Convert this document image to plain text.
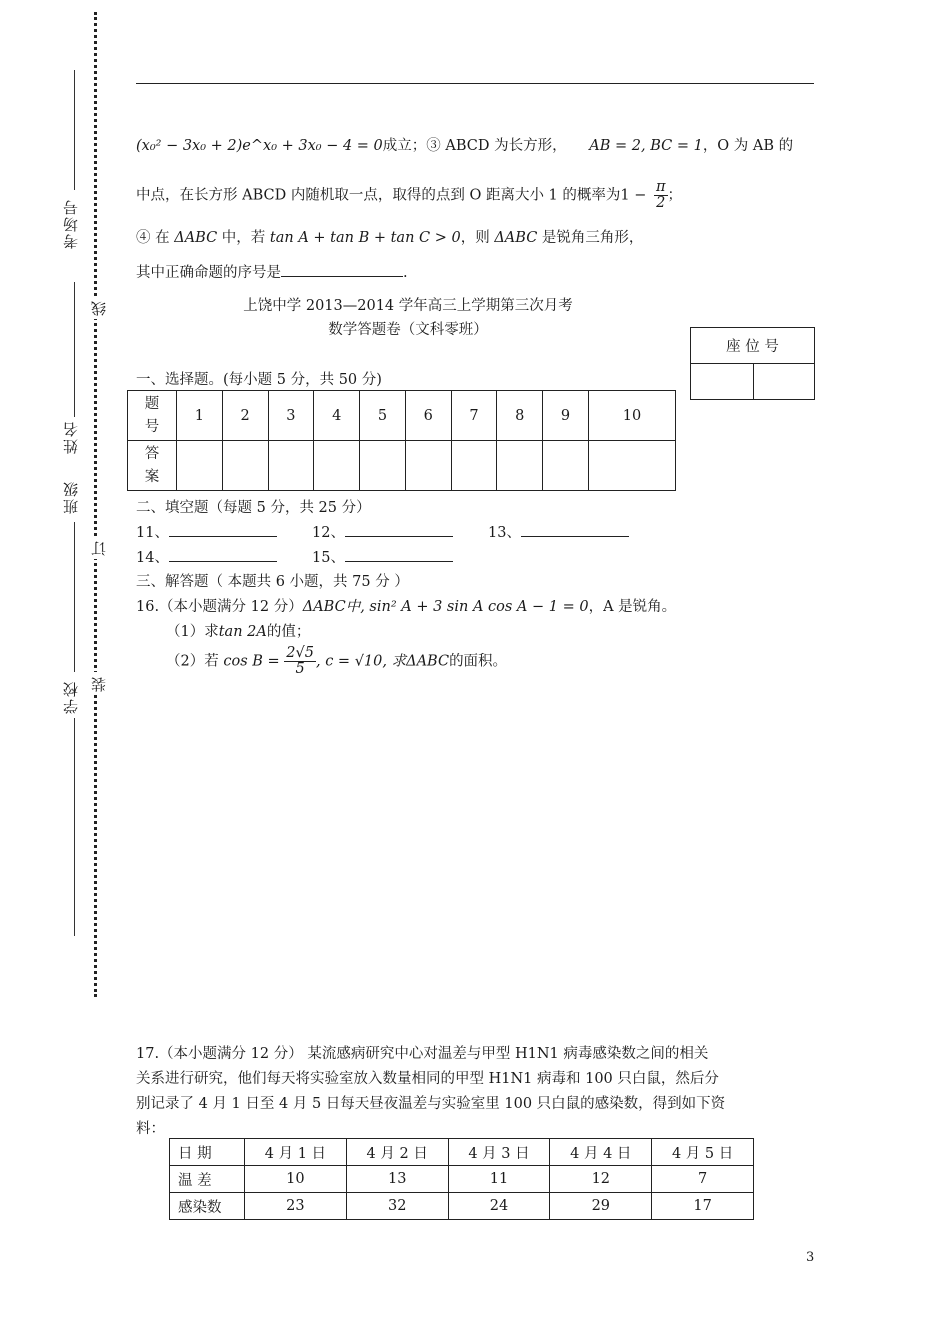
考场号
姓名
班级
学校
线
订
装
(x₀² − 3x₀ + 2)e^x₀ + 3x₀ − 4 = 0成立；③ ABCD 为长方形， AB = 2, BC = 1，O 为 AB 的
中点，在长方形 ABCD 内随机取一点，取得的点到 O 距离大小 1 的概率为$1 - \frac{\pi}{2}$ ；
④ 在 ΔABC 中，若 tan A + tan B + tan C > 0，则 ΔABC 是锐角三角形，
其中正确命题的序号是	.
上饶中学 2013—2014 学年高三上学期第三次月考
数学答题卷（文科零班）
座 位 号

一、选择题。(每小题 5 分，共 50 分)
题
号	1	2	3	4	5	6	7	8	9	10

答
案										

二、填空题（每题 5 分，共 25 分）
11、	12、	13、
14、	15、
三、解答题（ 本题共 6 小题，共 75 分 ）
16.（本小题满分 12 分）ΔABC中, sin² A + 3 sin A cos A − 1 = 0，A 是锐角。
（1）求tan 2A的值；
（2）若 $\cos B = \frac{2√5}{5}$ , c = √10, 求ΔABC的面积。
17.（本小题满分 12 分） 某流感病研究中心对温差与甲型 H1N1 病毒感染数之间的相关
关系进行研究，他们每天将实验室放入数量相同的甲型 H1N1 病毒和 100 只白鼠，然后分
别记录了 4 月 1 日至 4 月 5 日每天昼夜温差与实验室里 100 只白鼠的感染数，得到如下资
料：
日 期	4 月 1 日	4 月 2 日	4 月 3 日	4 月 4 日	4 月 5 日
温 差	10	13	11	12	7
感染数	23	32	24	29	17
3
